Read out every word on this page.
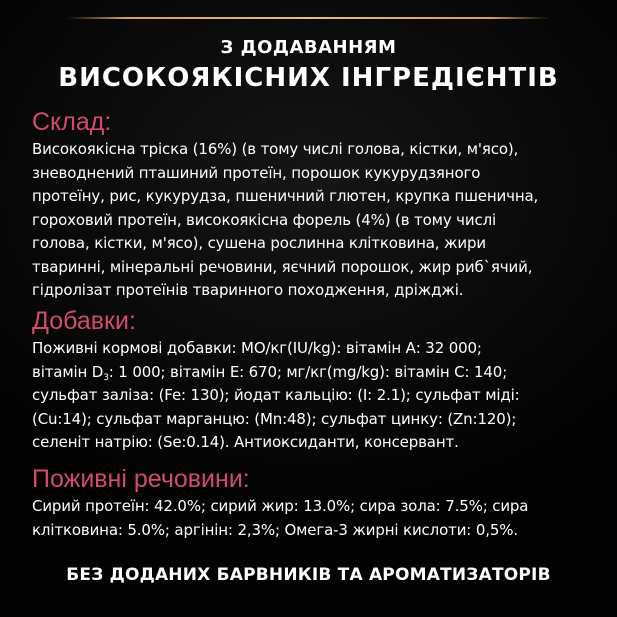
З ДОДАВАННЯМ
ВИСОКОЯКІСНИХ ІНГРЕДІЄНТІВ
Склад:
Високоякісна тріска (16%) (в тому числі голова, кістки, м'ясо),
зневоднений пташиний протеїн, порошок кукурудзяного
протеїну, рис, кукурудза, пшеничний глютен, крупка пшенична,
гороховий протеїн, високоякісна форель (4%) (в тому числі
голова, кістки, м'ясо), сушена рослинна клітковина, жири
тваринні, мінеральні речовини, яєчний порошок, жир риб`ячий,
гідролізат протеїнів тваринного походження, дріжджі.
Добавки:
Поживні кормові добавки: МО/кг(IU/kg): вітамін А: 32 000;
вітамін $D_3$: 1 000; вітамін Е: 670; мг/кг(mg/kg): вітамін С: 140;
сульфат заліза: (Fe: 130); йодат кальцію: (I: 2.1); сульфат міді:
(Cu:14); сульфат марганцю: (Mn:48); сульфат цинку: (Zn:120);
селеніт натрію: (Se:0.14). Антиоксиданти, консервант.
Поживні речовини:
Сирий протеїн: 42.0%; сирий жир: 13.0%; сира зола: 7.5%; сира
клітковина: 5.0%; аргінін: 2,3%; Омега-3 жирні кислоти: 0,5%.
БЕЗ ДОДАНИХ БАРВНИКІВ ТА АРОМАТИЗАТОРІВ
